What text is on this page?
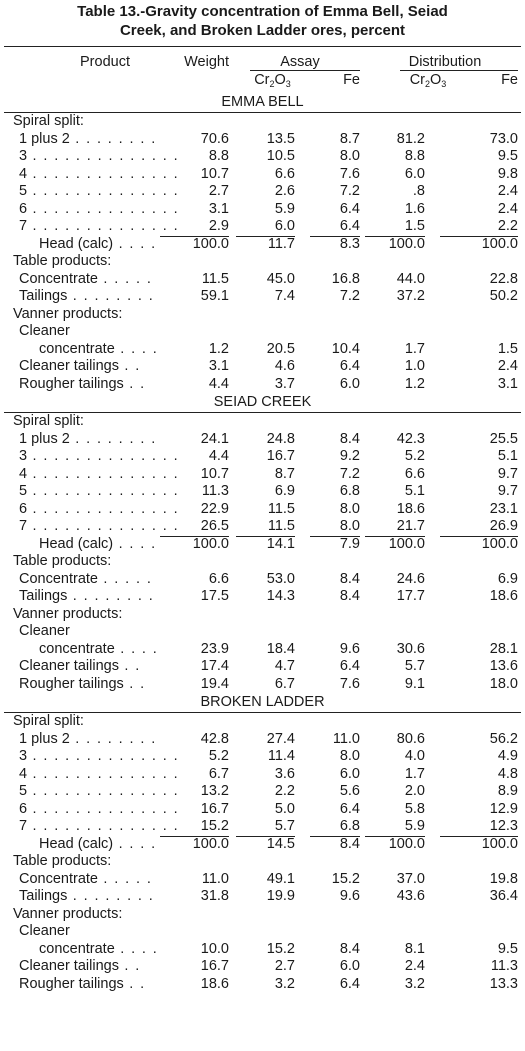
Table 13.-Gravity concentration of Emma Bell, Seiad
Creek, and Broken Ladder ores, percent
Product	Weight	Assay	Distribution
$Cr_2O_3$	Fe	$Cr_2O_3$	Fe
EMMA BELL
Spiral split:
1 plus 2 . . . . . . . .	70.6	13.5	8.7	81.2	73.0
3 . . . . . . . . . . . . . .	8.8	10.5	8.0	8.8	9.5
4 . . . . . . . . . . . . . .	10.7	6.6	7.6	6.0	9.8
5 . . . . . . . . . . . . . .	2.7	2.6	7.2	.8	2.4
6 . . . . . . . . . . . . . .	3.1	5.9	6.4	1.6	2.4
7 . . . . . . . . . . . . . .	2.9	6.0	6.4	1.5	2.2
Head (calc) . . . .	100.0	11.7	8.3	100.0	100.0
Table products:
Concentrate . . . . .	11.5	45.0	16.8	44.0	22.8
Tailings . . . . . . . .	59.1	7.4	7.2	37.2	50.2
Vanner products:
Cleaner
concentrate . . . .	1.2	20.5	10.4	1.7	1.5
Cleaner tailings . .	3.1	4.6	6.4	1.0	2.4
Rougher tailings . .	4.4	3.7	6.0	1.2	3.1
SEIAD CREEK
Spiral split:
1 plus 2 . . . . . . . .	24.1	24.8	8.4	42.3	25.5
3 . . . . . . . . . . . . . .	4.4	16.7	9.2	5.2	5.1
4 . . . . . . . . . . . . . .	10.7	8.7	7.2	6.6	9.7
5 . . . . . . . . . . . . . .	11.3	6.9	6.8	5.1	9.7
6 . . . . . . . . . . . . . .	22.9	11.5	8.0	18.6	23.1
7 . . . . . . . . . . . . . .	26.5	11.5	8.0	21.7	26.9
Head (calc) . . . .	100.0	14.1	7.9	100.0	100.0
Table products:
Concentrate . . . . .	6.6	53.0	8.4	24.6	6.9
Tailings . . . . . . . .	17.5	14.3	8.4	17.7	18.6
Vanner products:
Cleaner
concentrate . . . .	23.9	18.4	9.6	30.6	28.1
Cleaner tailings . .	17.4	4.7	6.4	5.7	13.6
Rougher tailings . .	19.4	6.7	7.6	9.1	18.0
BROKEN LADDER
Spiral split:
1 plus 2 . . . . . . . .	42.8	27.4	11.0	80.6	56.2
3 . . . . . . . . . . . . . .	5.2	11.4	8.0	4.0	4.9
4 . . . . . . . . . . . . . .	6.7	3.6	6.0	1.7	4.8
5 . . . . . . . . . . . . . .	13.2	2.2	5.6	2.0	8.9
6 . . . . . . . . . . . . . .	16.7	5.0	6.4	5.8	12.9
7 . . . . . . . . . . . . . .	15.2	5.7	6.8	5.9	12.3
Head (calc) . . . .	100.0	14.5	8.4	100.0	100.0
Table products:
Concentrate . . . . .	11.0	49.1	15.2	37.0	19.8
Tailings . . . . . . . .	31.8	19.9	9.6	43.6	36.4
Vanner products:
Cleaner
concentrate . . . .	10.0	15.2	8.4	8.1	9.5
Cleaner tailings . .	16.7	2.7	6.0	2.4	11.3
Rougher tailings . .	18.6	3.2	6.4	3.2	13.3
